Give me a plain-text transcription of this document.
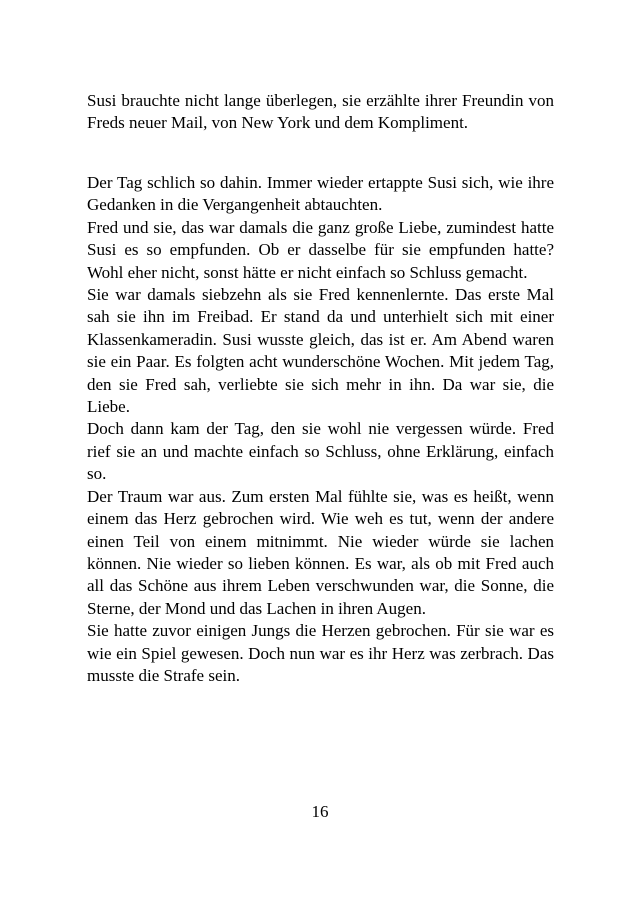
Susi brauchte nicht lange überlegen, sie erzählte ihrer Freundin von Freds neuer Mail, von New York und dem Kompliment.

Der Tag schlich so dahin. Immer wieder ertappte Susi sich, wie ihre Gedanken in die Vergangenheit abtauchten.

Fred und sie, das war damals die ganz große Liebe, zumindest hatte Susi es so empfunden. Ob er dasselbe für sie empfunden hatte? Wohl eher nicht, sonst hätte er nicht einfach so Schluss gemacht.

Sie war damals siebzehn als sie Fred kennenlernte. Das erste Mal sah sie ihn im Freibad. Er stand da und unterhielt sich mit einer Klassenkameradin. Susi wusste gleich, das ist er. Am Abend waren sie ein Paar. Es folgten acht wunderschöne Wochen. Mit jedem Tag, den sie Fred sah, verliebte sie sich mehr in ihn. Da war sie, die Liebe.

Doch dann kam der Tag, den sie wohl nie vergessen würde. Fred rief sie an und machte einfach so Schluss, ohne Erklärung, einfach so.

Der Traum war aus. Zum ersten Mal fühlte sie, was es heißt, wenn einem das Herz gebrochen wird. Wie weh es tut, wenn der andere einen Teil von einem mitnimmt. Nie wieder würde sie lachen können. Nie wieder so lieben können. Es war, als ob mit Fred auch all das Schöne aus ihrem Leben verschwunden war, die Sonne, die Sterne, der Mond und das Lachen in ihren Augen.

Sie hatte zuvor einigen Jungs die Herzen gebrochen. Für sie war es wie ein Spiel gewesen. Doch nun war es ihr Herz was zerbrach. Das musste die Strafe sein.

16
